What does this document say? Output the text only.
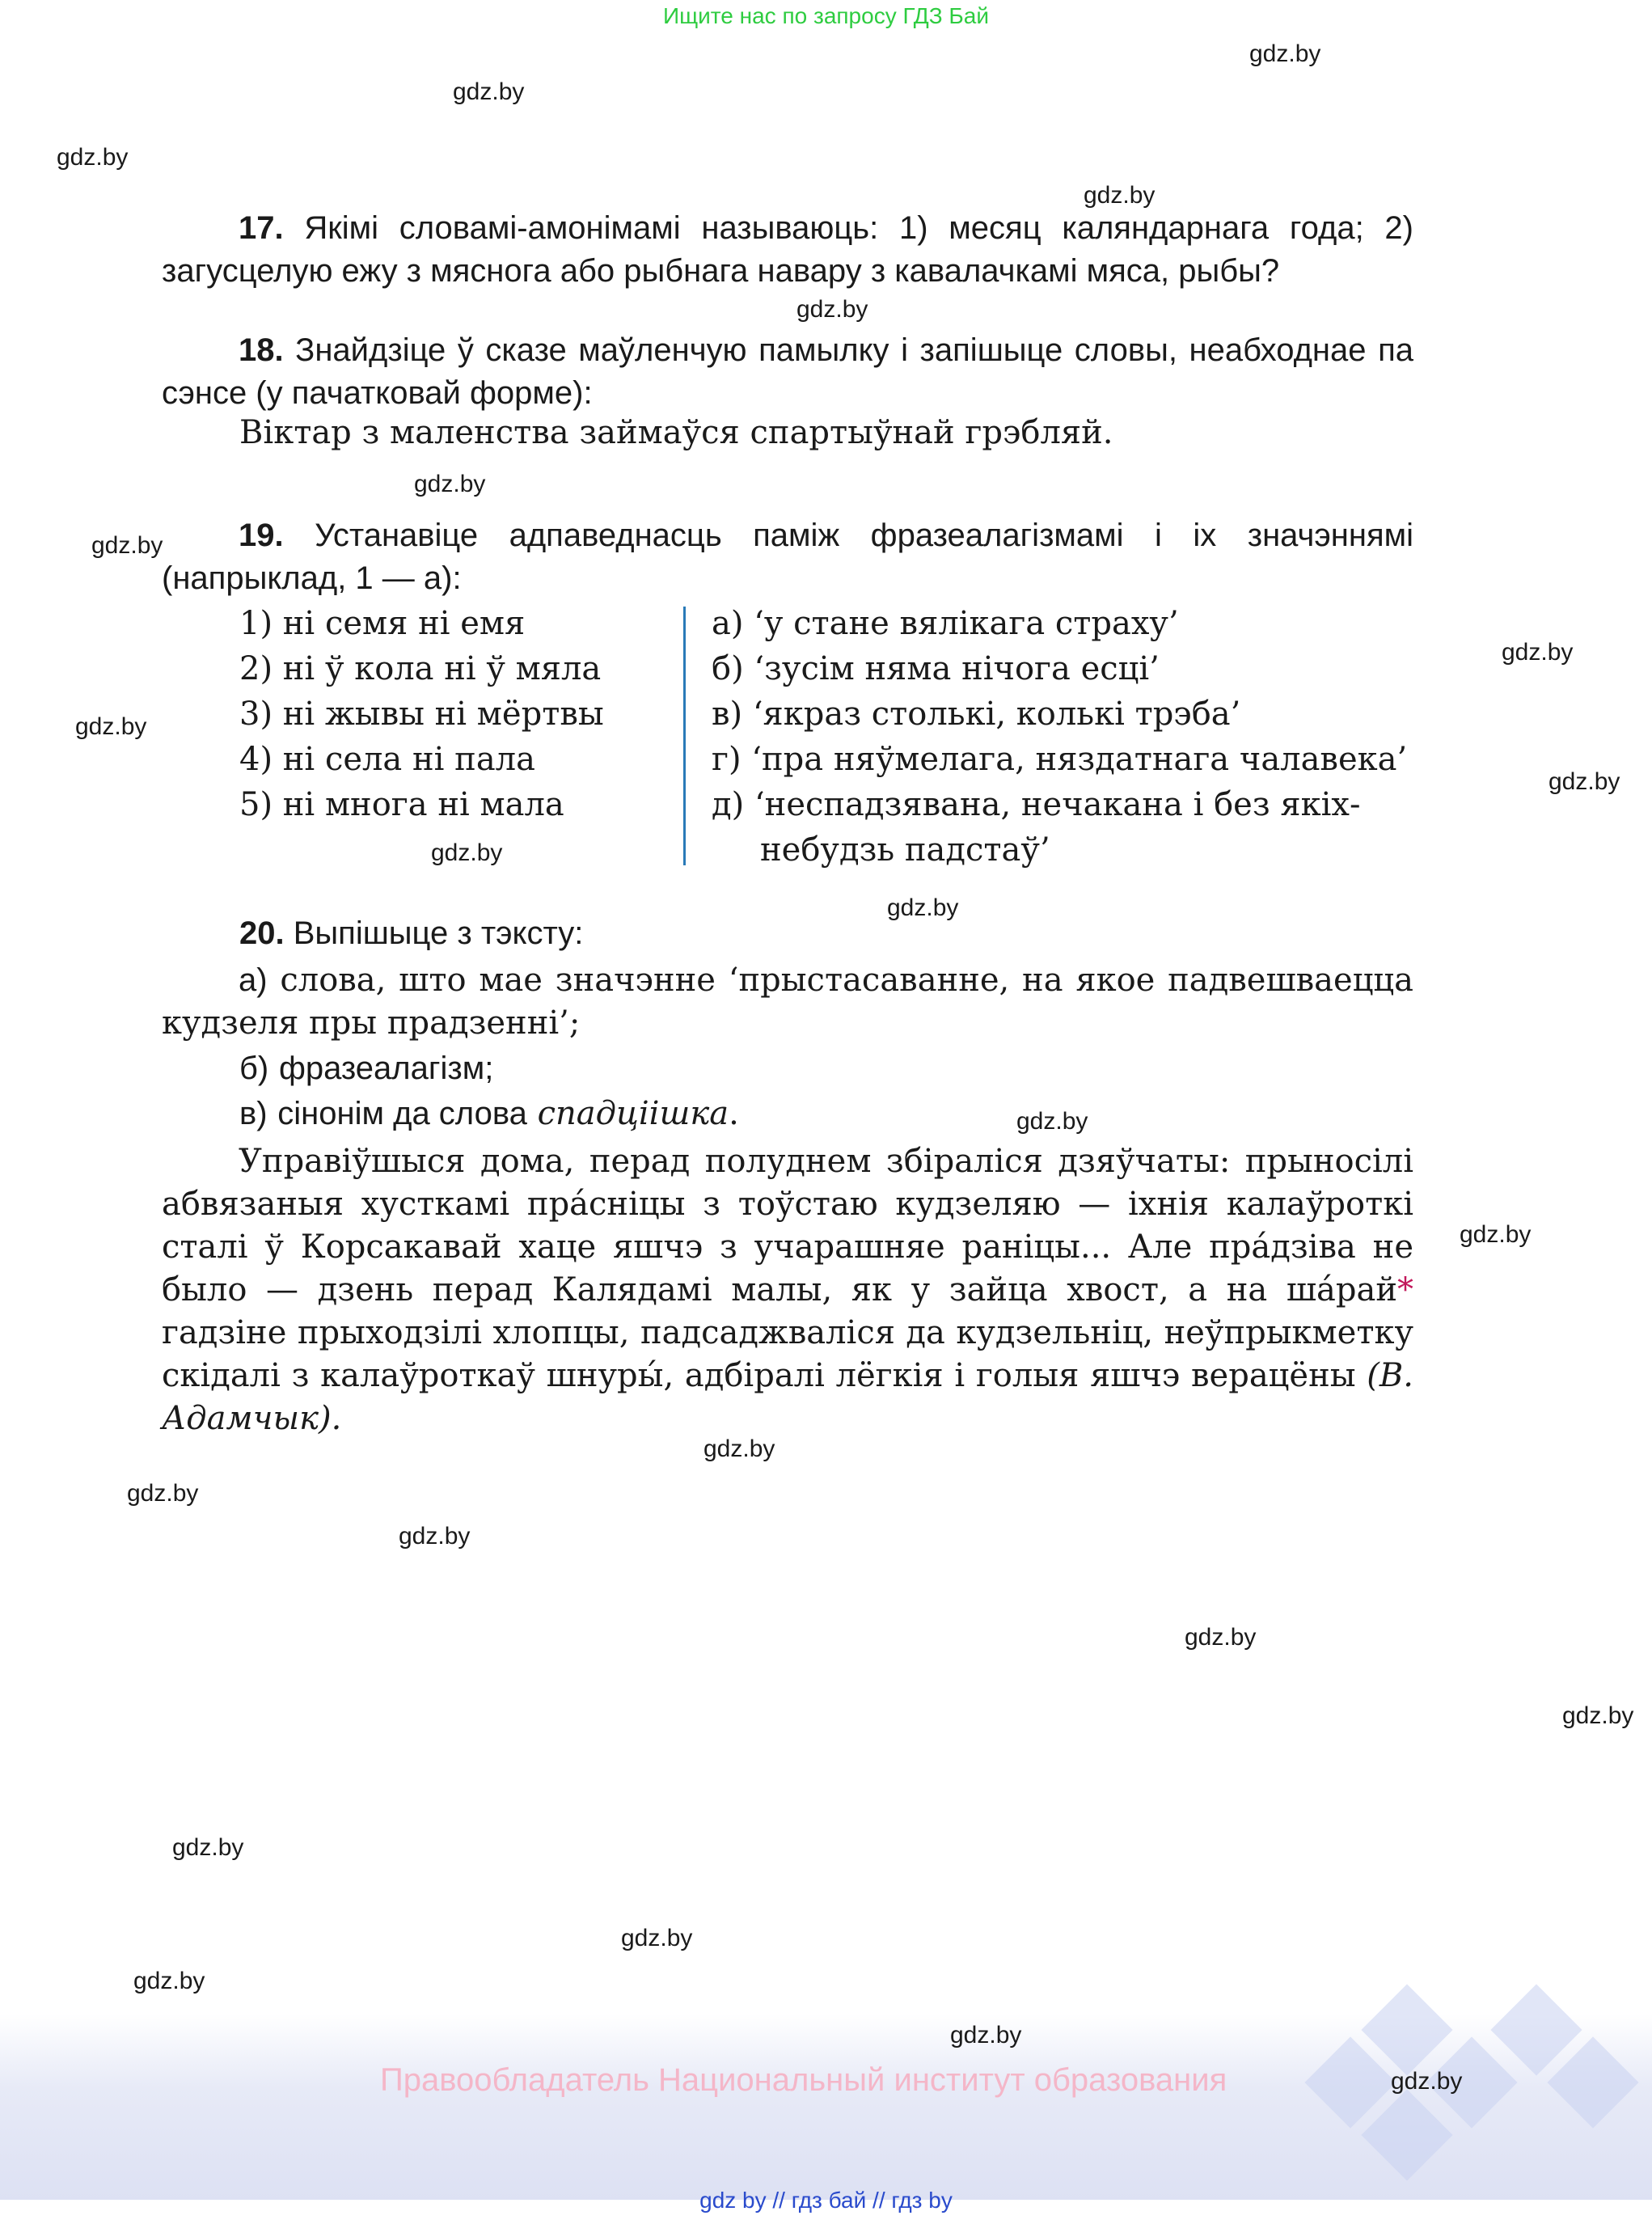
Ищите нас по запросу ГДЗ Бай
gdz.by
gdz.by
gdz.by
gdz.by
gdz.by
gdz.by
gdz.by
gdz.by
gdz.by
gdz.by
gdz.by
gdz.by
gdz.by
gdz.by
gdz.by
gdz.by
gdz.by
gdz.by
gdz.by
gdz.by
gdz.by
gdz.by
17. Якімі словамі-амонімамі называюць: 1) месяц каляндарнага года; 2) загусцелую ежу з мяснога або рыбнага навару з кавалачкамі мяса, рыбы?
18. Знайдзіце ў сказе маўленчую памылку і запішыце словы, неабходнае па сэнсе (у пачатковай форме):
Віктар з маленства займаўся спартыўнай грэбляй.
19. Устанавіце адпаведнасць паміж фразеалагізмамі і іх значэннямі (напрыклад, 1 — а):
1) ні семя ні емя
2) ні ў кола ні ў мяла
3) ні жывы ні мёртвы
4) ні села ні пала
5) ні многа ні мала
а) ‘у стане вялікага страху’
б) ‘зусім няма нічога есці’
в) ‘якраз столькі, колькі трэба’
г) ‘пра няўмелага, няздатнага чалавека’
д) ‘неспадзявана, нечакана і без якіх-
небудзь падстаў’
20. Выпішыце з тэксту:
а) слова, што мае значэнне ‘прыстасаванне, на якое падвешваецца кудзеля пры прадзенні’;
б) фразеалагізм;
в) сінонім да слова спадціішка.
Управіўшыся дома, перад полуднем збіраліся дзяўчаты: прыносілі абвязаныя хусткамі пра́сніцы з тоўстаю кудзеляю — іхнія калаўроткі сталі ў Корсакавай хаце яшчэ з учарашняе раніцы... Але пра́дзіва не было — дзень перад Калядамі малы, як у зайца хвост, а на ша́рай* гадзіне прыходзілі хлопцы, падсаджваліся да кудзельніц, неўпрыкметку скідалі з калаўроткаў шнуры́, адбіралі лёгкія і голыя яшчэ верацёны (В. Адамчык).
gdz.by
gdz.by
Правообладатель Национальный институт образования
gdz by // гдз бай // гдз by
